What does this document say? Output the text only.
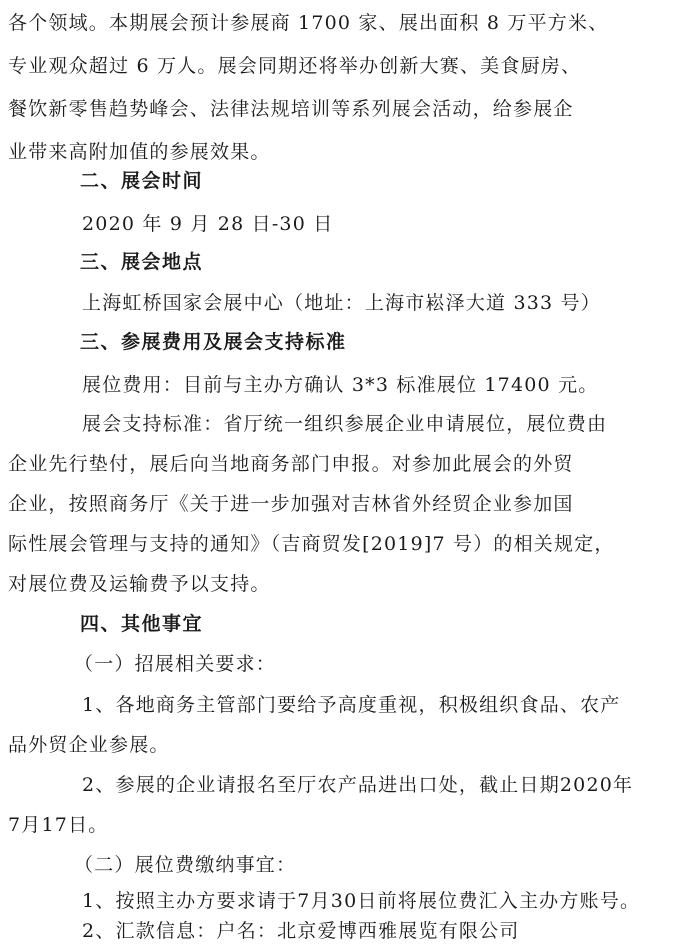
各个领域。本期展会预计参展商 1700 家、展出面积 8 万平方米、
专业观众超过 6 万人。展会同期还将举办创新大赛、美食厨房、
餐饮新零售趋势峰会、法律法规培训等系列展会活动，给参展企
业带来高附加值的参展效果。
二、展会时间
2020 年 9 月 28 日-30 日
三、展会地点
上海虹桥国家会展中心（地址：上海市崧泽大道 333 号）
三、参展费用及展会支持标准
展位费用：目前与主办方确认 3*3 标准展位 17400 元。
展会支持标准：省厅统一组织参展企业申请展位，展位费由
企业先行垫付，展后向当地商务部门申报。对参加此展会的外贸
企业，按照商务厅《关于进一步加强对吉林省外经贸企业参加国
际性展会管理与支持的通知》（吉商贸发[2019]7 号）的相关规定，
对展位费及运输费予以支持。
四、其他事宜
（一）招展相关要求：
1、各地商务主管部门要给予高度重视，积极组织食品、农产
品外贸企业参展。
2、参展的企业请报名至厅农产品进出口处，截止日期2020年
7月17日。
（二）展位费缴纳事宜：
1、按照主办方要求请于7月30日前将展位费汇入主办方账号。
2、汇款信息：户名：北京爱博西雅展览有限公司
